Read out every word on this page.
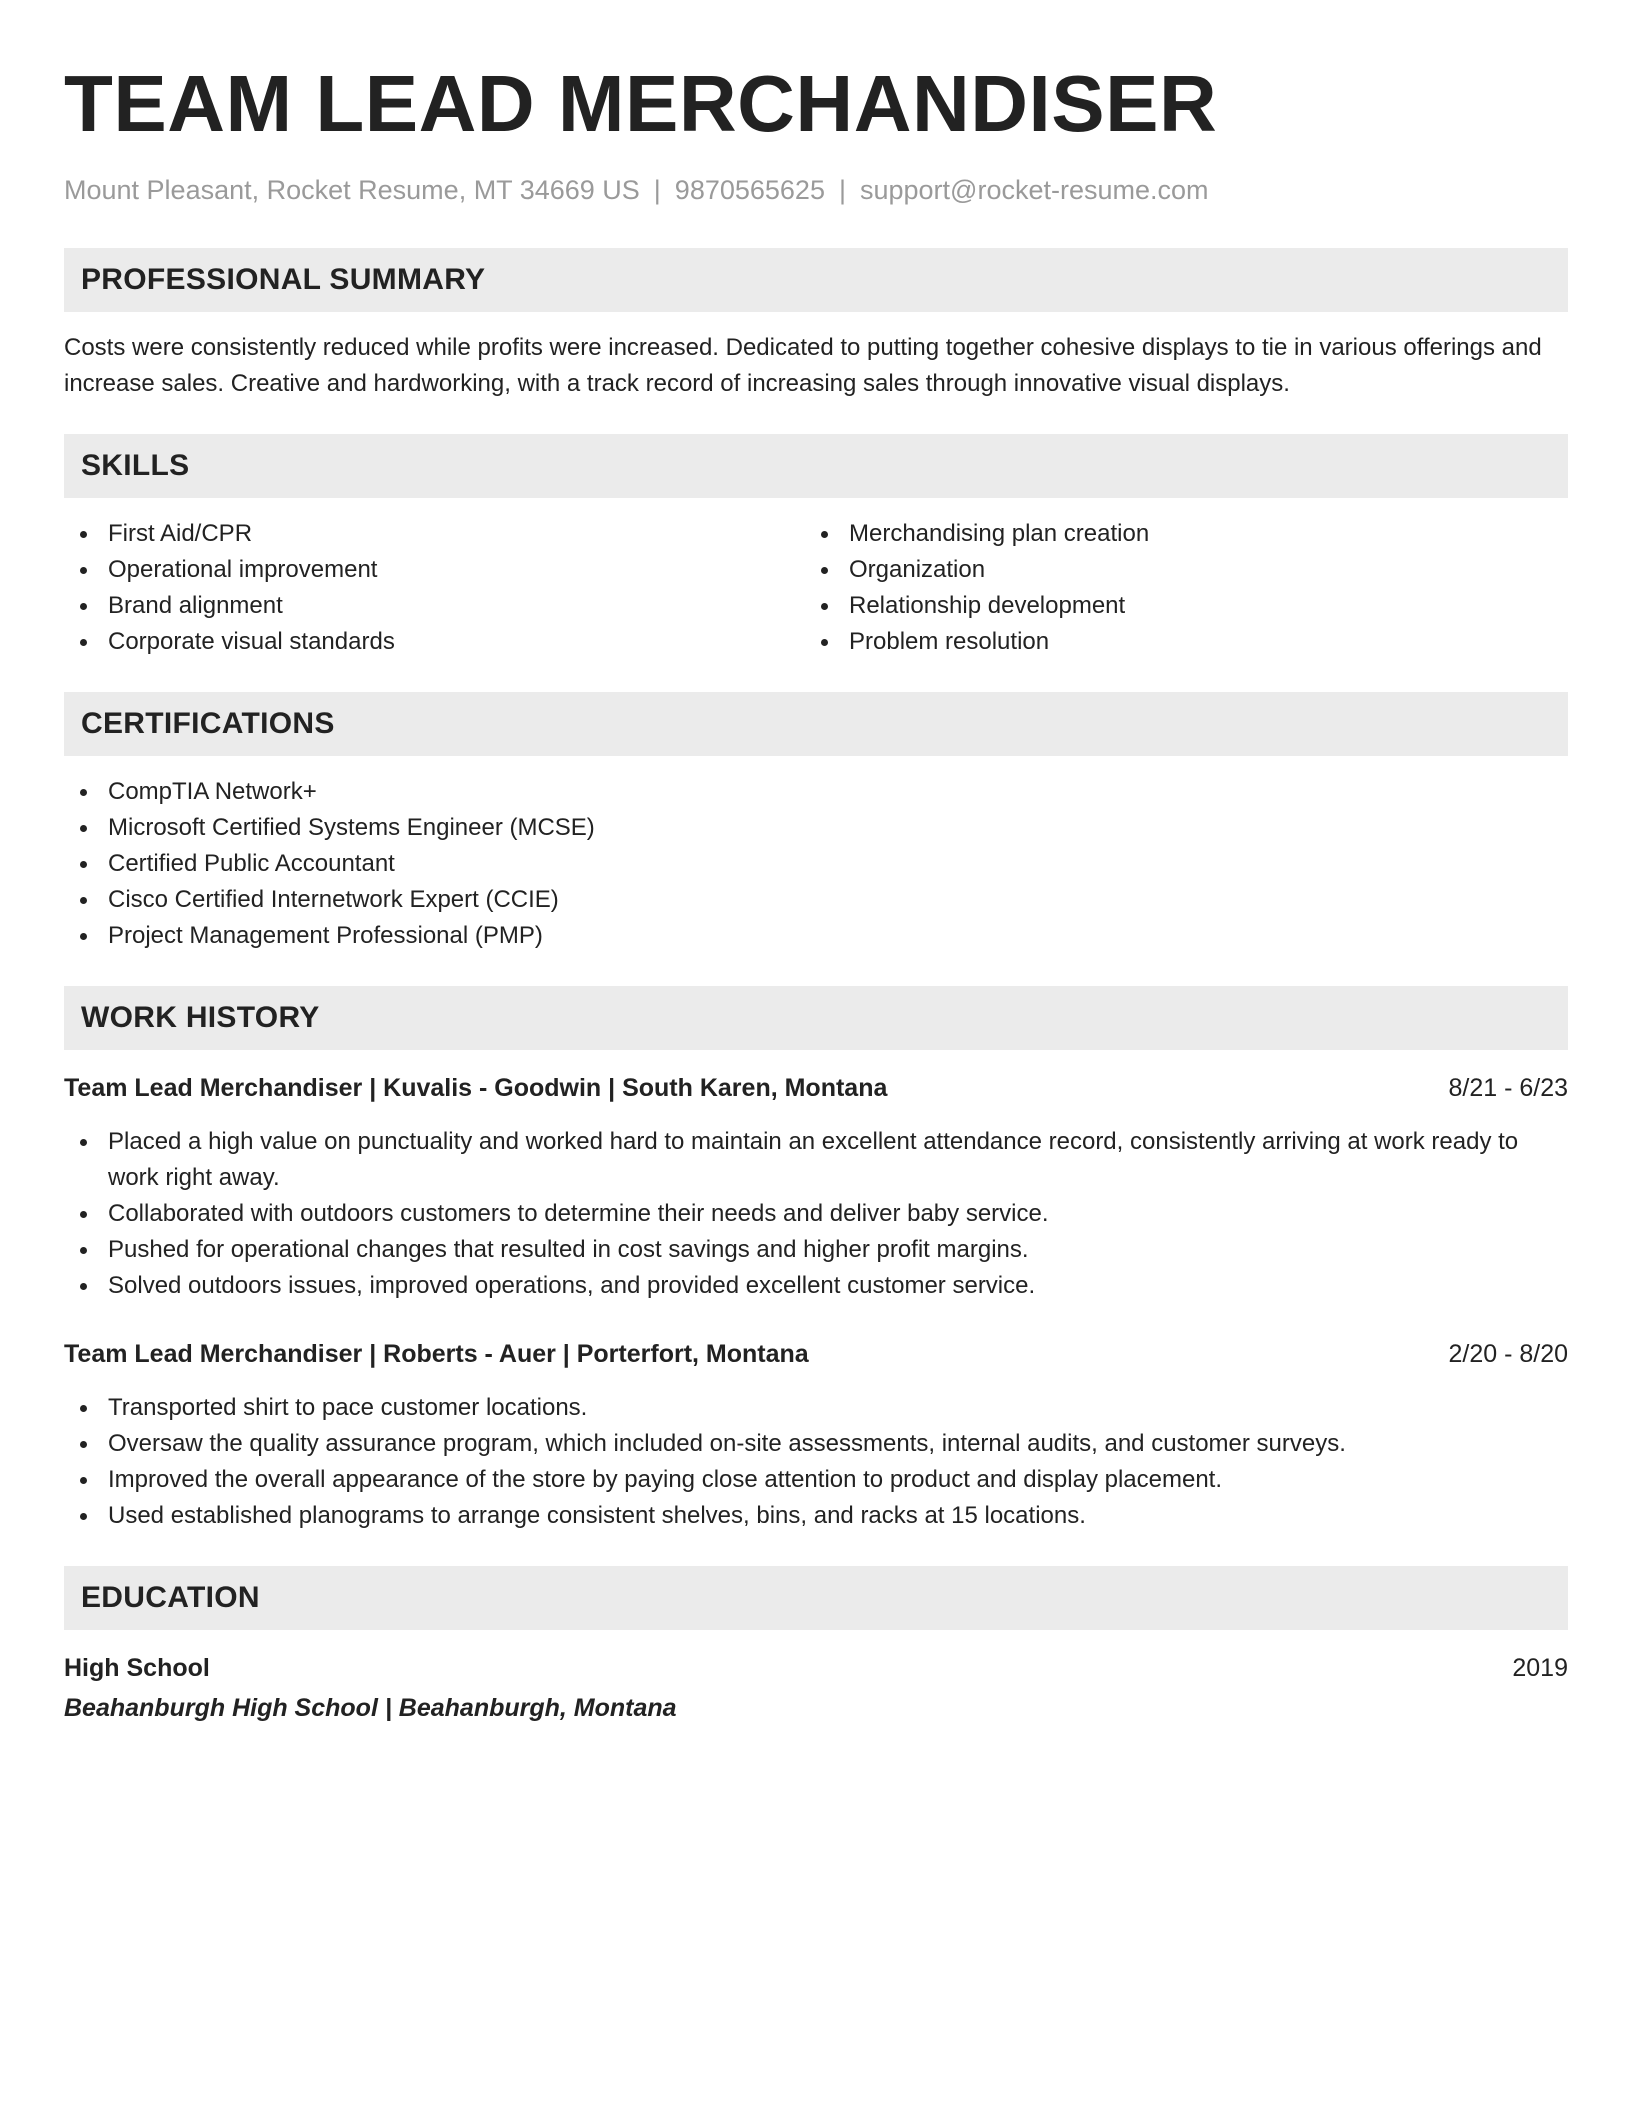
TEAM LEAD MERCHANDISER
Mount Pleasant, Rocket Resume, MT 34669 US | 9870565625 | support@rocket-resume.com
PROFESSIONAL SUMMARY
Costs were consistently reduced while profits were increased. Dedicated to putting together cohesive displays to tie in various offerings and increase sales. Creative and hardworking, with a track record of increasing sales through innovative visual displays.
SKILLS
First Aid/CPR
Operational improvement
Brand alignment
Corporate visual standards
Merchandising plan creation
Organization
Relationship development
Problem resolution
CERTIFICATIONS
CompTIA Network+
Microsoft Certified Systems Engineer (MCSE)
Certified Public Accountant
Cisco Certified Internetwork Expert (CCIE)
Project Management Professional (PMP)
WORK HISTORY
Team Lead Merchandiser | Kuvalis - Goodwin | South Karen, Montana	8/21 - 6/23
Placed a high value on punctuality and worked hard to maintain an excellent attendance record, consistently arriving at work ready to work right away.
Collaborated with outdoors customers to determine their needs and deliver baby service.
Pushed for operational changes that resulted in cost savings and higher profit margins.
Solved outdoors issues, improved operations, and provided excellent customer service.
Team Lead Merchandiser | Roberts - Auer | Porterfort, Montana	2/20 - 8/20
Transported shirt to pace customer locations.
Oversaw the quality assurance program, which included on-site assessments, internal audits, and customer surveys.
Improved the overall appearance of the store by paying close attention to product and display placement.
Used established planograms to arrange consistent shelves, bins, and racks at 15 locations.
EDUCATION
High School	2019
Beahanburgh High School | Beahanburgh, Montana
